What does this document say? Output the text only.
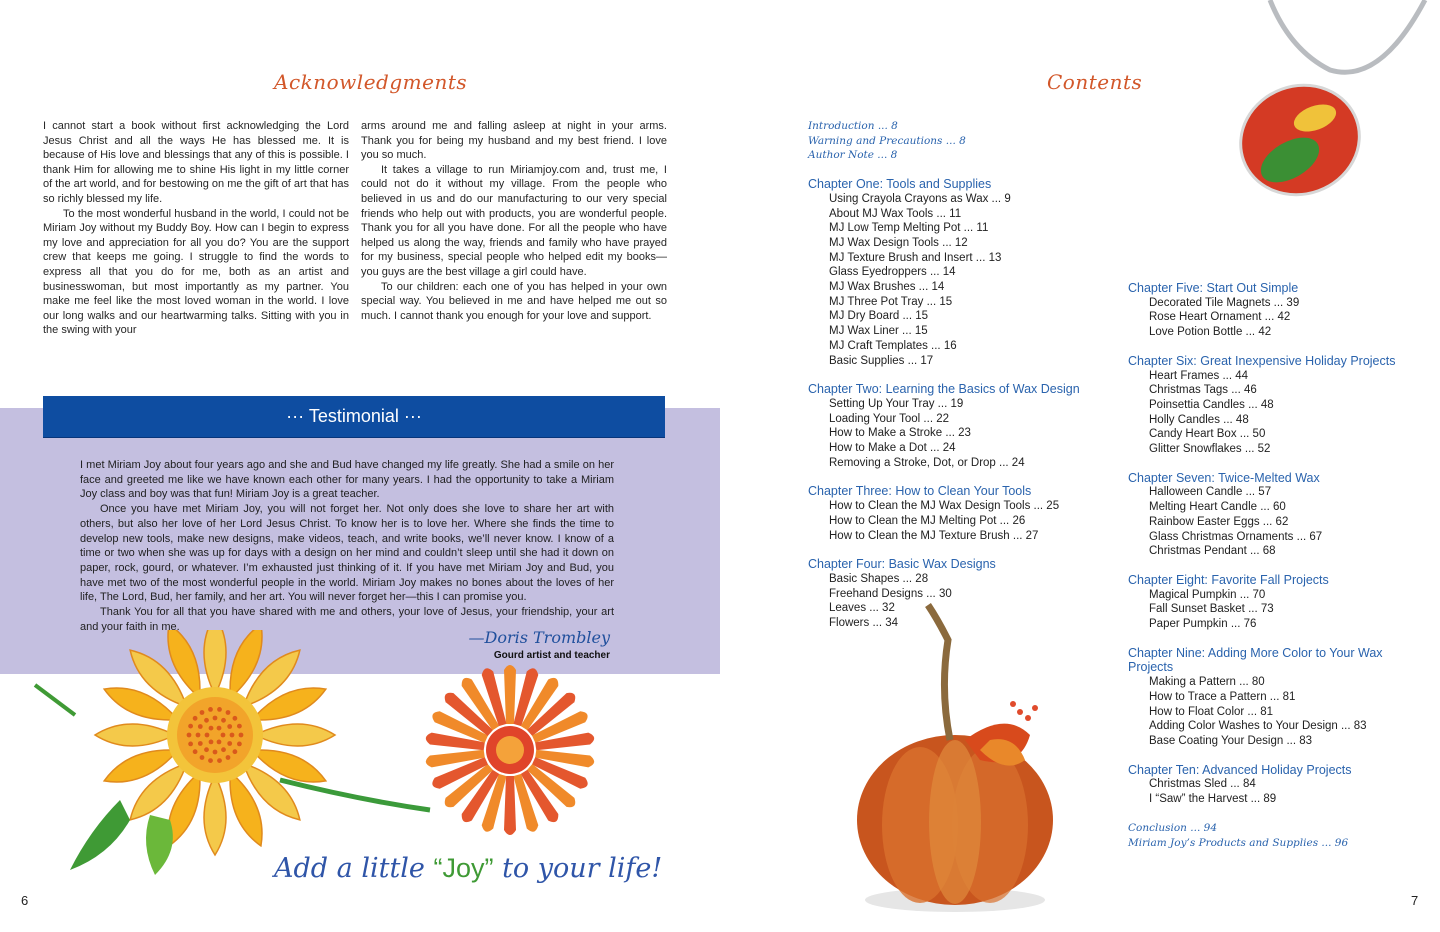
Acknowledgments

I cannot start a book without first acknowledging the Lord Jesus Christ and all the ways He has blessed me. It is because of His love and blessings that any of this is possible. I thank Him for allowing me to shine His light in my little corner of the art world, and for bestowing on me the gift of art that has so richly blessed my life.

To the most wonderful husband in the world, I could not be Miriam Joy without my Buddy Boy. How can I begin to express my love and appreciation for all you do? You are the support crew that keeps me going. I struggle to find the words to express all that you do for me, both as an artist and businesswoman, but most importantly as my partner. You make me feel like the most loved woman in the world. I love our long walks and our heartwarming talks. Sitting with you in the swing with your

arms around me and falling asleep at night in your arms. Thank you for being my husband and my best friend. I love you so much.

It takes a village to run Miriamjoy.com and, trust me, I could not do it without my village. From the people who believed in us and do our manufacturing to our very special friends who help out with products, you are wonderful people. Thank you for all you have done. For all the people who have helped us along the way, friends and family who have prayed for my business, special people who helped edit my books—you guys are the best village a girl could have.

To our children: each one of you has helped in your own special way. You believed in me and have helped me out so much. I cannot thank you enough for your love and support.

··· Testimonial ···

I met Miriam Joy about four years ago and she and Bud have changed my life greatly. She had a smile on her face and greeted me like we have known each other for many years. I had the opportunity to take a Miriam Joy class and boy was that fun! Miriam Joy is a great teacher.

Once you have met Miriam Joy, you will not forget her. Not only does she love to share her art with others, but also her love of her Lord Jesus Christ. To know her is to love her. Where she finds the time to develop new tools, make new designs, make videos, teach, and write books, we’ll never know. I know of a time or two when she was up for days with a design on her mind and couldn’t sleep until she had it down on paper, rock, gourd, or whatever. I’m exhausted just thinking of it. If you have met Miriam Joy and Bud, you have met two of the most wonderful people in the world. Miriam Joy makes no bones about the loves of her life, The Lord, Bud, her family, and her art. You will never forget her—this I can promise you.

Thank You for all that you have shared with me and others, your love of Jesus, your friendship, your art and your faith in me.

—Doris Trombley
Gourd artist and teacher
Add a little “Joy” to your life!
6
Contents
Introduction ... 8
Warning and Precautions ... 8
Author Note ... 8
Chapter One: Tools and Supplies
Using Crayola Crayons as Wax ... 9
About MJ Wax Tools ... 11
MJ Low Temp Melting Pot ... 11
MJ Wax Design Tools ... 12
MJ Texture Brush and Insert ... 13
Glass Eyedroppers ... 14
MJ Wax Brushes ... 14
MJ Three Pot Tray ... 15
MJ Dry Board ... 15
MJ Wax Liner ... 15
MJ Craft Templates ... 16
Basic Supplies ... 17
Chapter Two: Learning the Basics of Wax Design
Setting Up Your Tray ... 19
Loading Your Tool ... 22
How to Make a Stroke ... 23
How to Make a Dot ... 24
Removing a Stroke, Dot, or Drop ... 24
Chapter Three: How to Clean Your Tools
How to Clean the MJ Wax Design Tools ... 25
How to Clean the MJ Melting Pot ... 26
How to Clean the MJ Texture Brush ... 27
Chapter Four: Basic Wax Designs
Basic Shapes ... 28
Freehand Designs ... 30
Leaves ... 32
Flowers ... 34
Chapter Five: Start Out Simple
Decorated Tile Magnets ... 39
Rose Heart Ornament ... 42
Love Potion Bottle ... 42
Chapter Six: Great Inexpensive Holiday Projects
Heart Frames ... 44
Christmas Tags ... 46
Poinsettia Candles ... 48
Holly Candles ... 48
Candy Heart Box ... 50
Glitter Snowflakes ... 52
Chapter Seven: Twice-Melted Wax
Halloween Candle ... 57
Melting Heart Candle ... 60
Rainbow Easter Eggs ... 62
Glass Christmas Ornaments ... 67
Christmas Pendant ... 68
Chapter Eight: Favorite Fall Projects
Magical Pumpkin ... 70
Fall Sunset Basket ... 73
Paper Pumpkin ... 76
Chapter Nine: Adding More Color to Your Wax Projects
Making a Pattern ... 80
How to Trace a Pattern ... 81
How to Float Color ... 81
Adding Color Washes to Your Design ... 83
Base Coating Your Design ... 83
Chapter Ten: Advanced Holiday Projects
Christmas Sled ... 84
I “Saw” the Harvest ... 89
Conclusion ... 94
Miriam Joy’s Products and Supplies ... 96
7
